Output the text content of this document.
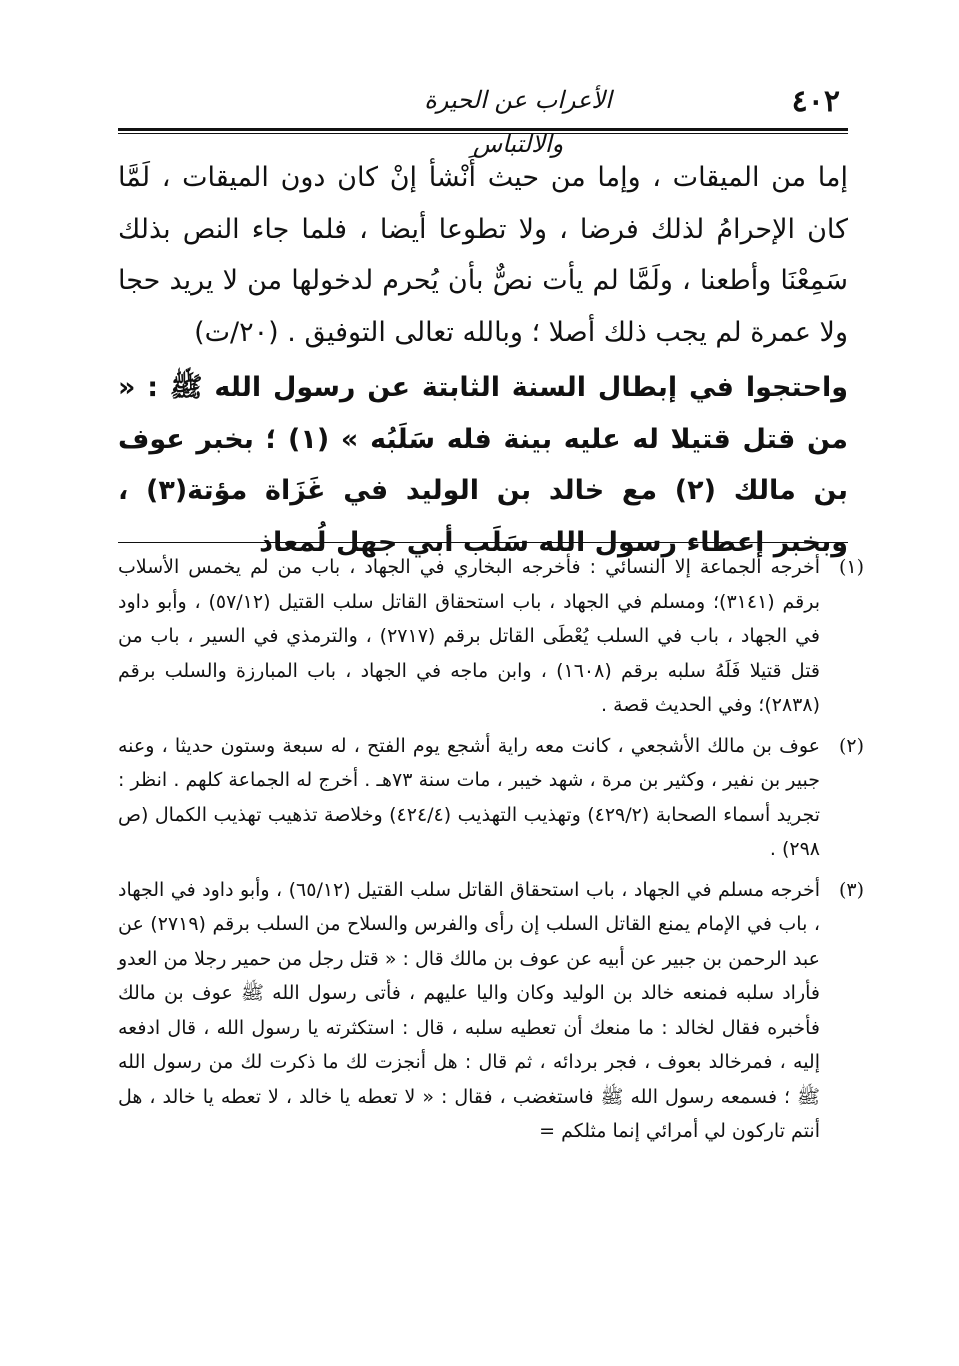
٤٠٢
الأعراب عن الحيرة والالتباس

إما من الميقات ، وإما من حيث أَنْشأ إنْ كان دون الميقات ، لَمَّا كان الإحرامُ لذلك فرضا ، ولا تطوعا أيضا ، فلما جاء النص بذلك سَمِعْنَا وأطعنا ، ولَمَّا لم يأت نصٌّ بأن يُحرم لدخولها من لا يريد حجا ولا عمرة لم يجب ذلك أصلا ؛ وبالله تعالى التوفيق . (٢٠/ت)

واحتجوا في إبطال السنة الثابتة عن رسول الله ﷺ : « من قتل قتيلا له عليه بينة فله سَلَبُه » (١) ؛ بخبر عوف بن مالك (٢) مع خالد بن الوليد في غَزَاة مؤتة(٣) ، وبخبر إعطاء رسول الله سَلَب أبي جهل لُمعاذ

(١)
أخرجه الجماعة إلا النسائي : فأخرجه البخاري في الجهاد ، باب من لم يخمس الأسلاب برقم (٣١٤١)؛ ومسلم في الجهاد ، باب استحقاق القاتل سلب القتيل (٥٧/١٢) ، وأبو داود في الجهاد ، باب في السلب يُعْطَى القاتل برقم (٢٧١٧) ، والترمذي في السير ، باب من قتل قتيلا فَلَهُ سلبه برقم (١٦٠٨) ، وابن ماجه في الجهاد ، باب المبارزة والسلب برقم (٢٨٣٨)؛ وفي الحديث قصة .
(٢)
عوف بن مالك الأشجعي ، كانت معه راية أشجع يوم الفتح ، له سبعة وستون حديثا ، وعنه جبير بن نفير ، وكثير بن مرة ، شهد خيبر ، مات سنة ٧٣هـ . أخرج له الجماعة كلهم . انظر : تجريد أسماء الصحابة (٤٢٩/٢) وتهذيب التهذيب (٤٢٤/٤) وخلاصة تذهيب تهذيب الكمال (ص ٢٩٨) .
(٣)
أخرجه مسلم في الجهاد ، باب استحقاق القاتل سلب القتيل (٦٥/١٢) ، وأبو داود في الجهاد ، باب في الإمام يمنع القاتل السلب إن رأى والفرس والسلاح من السلب برقم (٢٧١٩) عن عبد الرحمن بن جبير عن أبيه عن عوف بن مالك قال : « قتل رجل من حمير رجلا من العدو فأراد سلبه فمنعه خالد بن الوليد وكان واليا عليهم ، فأتى رسول الله ﷺ عوف بن مالك فأخبره فقال لخالد : ما منعك أن تعطيه سلبه ، قال : استكثرته يا رسول الله ، قال ادفعه إليه ، فمرخالد بعوف ، فجر بردائه ، ثم قال : هل أنجزت لك ما ذكرت لك من رسول الله ﷺ ؛ فسمعه رسول الله ﷺ فاستغضب ، فقال : « لا تعطه يا خالد ، لا تعطه يا خالد ، هل أنتم تاركون لي أمرائي إنما مثلكم =
